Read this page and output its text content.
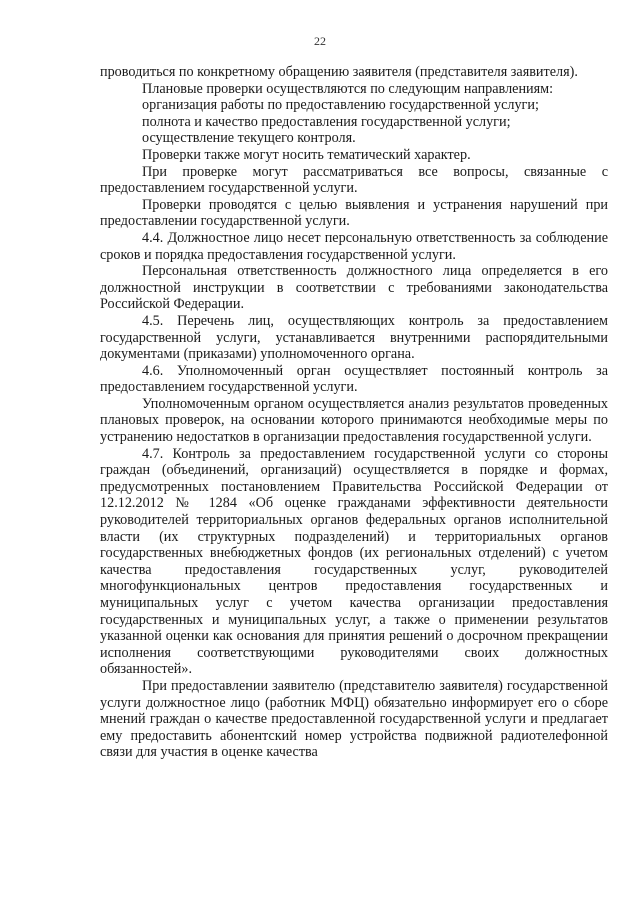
22

проводиться по конкретному обращению заявителя (представителя заявителя).

Плановые проверки осуществляются по следующим направлениям:

организация работы по предоставлению государственной услуги;

полнота и качество предоставления государственной услуги;

осуществление текущего контроля.

Проверки также могут носить тематический характер.

При проверке могут рассматриваться все вопросы, связанные с предоставлением государственной услуги.

Проверки проводятся с целью выявления и устранения нарушений при предоставлении государственной услуги.

4.4. Должностное лицо несет персональную ответственность за соблюдение сроков и порядка предоставления государственной услуги.

Персональная ответственность должностного лица определяется в его должностной инструкции в соответствии с требованиями законодательства Российской Федерации.

4.5. Перечень лиц, осуществляющих контроль за предоставлением государственной услуги, устанавливается внутренними распорядительными документами (приказами) уполномоченного органа.

4.6. Уполномоченный орган осуществляет постоянный контроль за предоставлением государственной услуги.

Уполномоченным органом осуществляется анализ результатов проведенных плановых проверок, на основании которого принимаются необходимые меры по устранению недостатков в организации предоставления государственной услуги.

4.7. Контроль за предоставлением государственной услуги со стороны граждан (объединений, организаций) осуществляется в порядке и формах, предусмотренных постановлением Правительства Российской Федерации от 12.12.2012 № 1284 «Об оценке гражданами эффективности деятельности руководителей территориальных органов федеральных органов исполнительной власти (их структурных подразделений) и территориальных органов государственных внебюджетных фондов (их региональных отделений) с учетом качества предоставления государственных услуг, руководителей многофункциональных центров предоставления государственных и муниципальных услуг с учетом качества организации предоставления государственных и муниципальных услуг, а также о применении результатов указанной оценки как основания для принятия решений о досрочном прекращении исполнения соответствующими руководителями своих должностных обязанностей».

При предоставлении заявителю (представителю заявителя) государственной услуги должностное лицо (работник МФЦ) обязательно информирует его о сборе мнений граждан о качестве предоставленной государственной услуги и предлагает ему предоставить абонентский номер устройства подвижной радиотелефонной связи для участия в оценке качества
